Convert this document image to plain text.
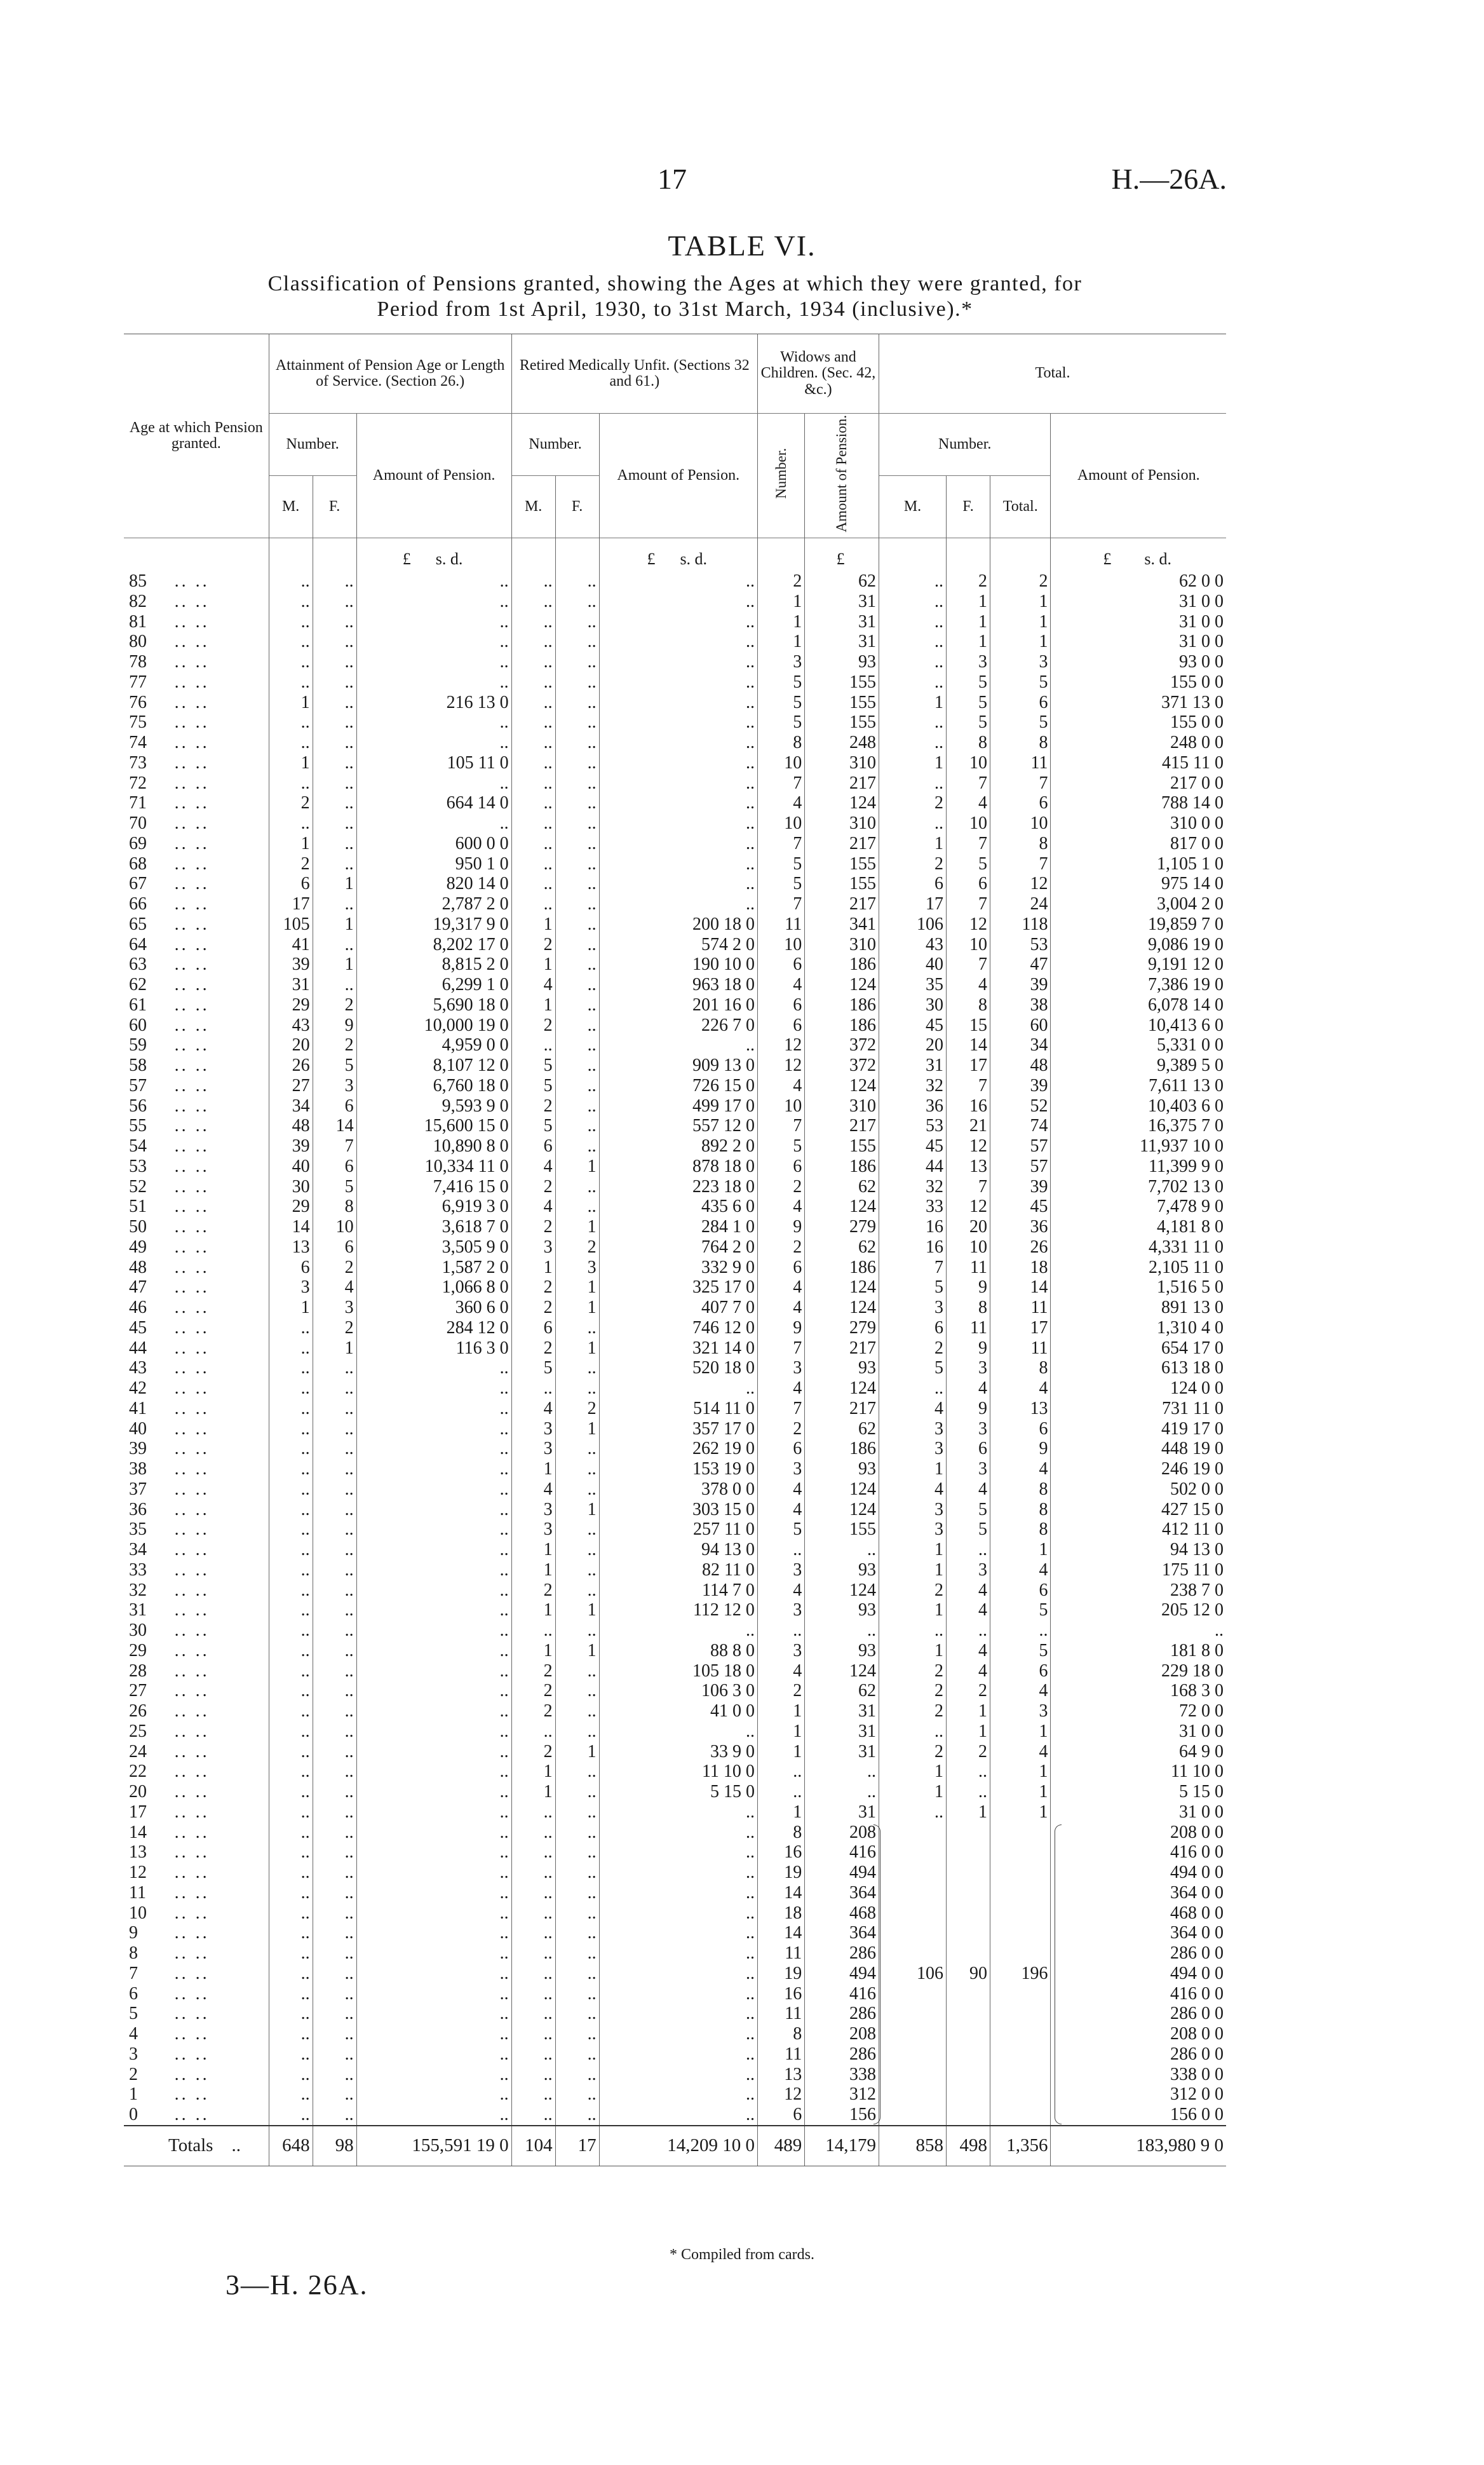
17	H.—26A.
TABLE VI.
Classification of Pensions granted, showing the Ages at which they were granted, for
Period from 1st April, 1930, to 31st March, 1934 (inclusive).*
Age at which Pension granted.		Attainment of Pension Age or Length of Service. (Section 26.)			Retired Medically Unfit. (Sections 32 and 61.)			Widows and Children. (Sec. 42, &c.)		Total.			
		Number.		Amount of Pension.	Number.		Amount of Pension.	Number.	Amount of Pension.	Number.			Amount of Pension.
		M.	F.		M.	F.				M.	F.	Total.	
				£ s. d.			£ s. d.		£				£ s. d.
85	.. ..	..	..	..	..	..	..	2	62	..	2	2	62 0 0
82	.. ..	..	..	..	..	..	..	1	31	..	1	1	31 0 0
81	.. ..	..	..	..	..	..	..	1	31	..	1	1	31 0 0
80	.. ..	..	..	..	..	..	..	1	31	..	1	1	31 0 0
78	.. ..	..	..	..	..	..	..	3	93	..	3	3	93 0 0
77	.. ..	..	..	..	..	..	..	5	155	..	5	5	155 0 0
76	.. ..	1	..	216 13 0	..	..	..	5	155	1	5	6	371 13 0
75	.. ..	..	..	..	..	..	..	5	155	..	5	5	155 0 0
74	.. ..	..	..	..	..	..	..	8	248	..	8	8	248 0 0
73	.. ..	1	..	105 11 0	..	..	..	10	310	1	10	11	415 11 0
72	.. ..	..	..	..	..	..	..	7	217	..	7	7	217 0 0
71	.. ..	2	..	664 14 0	..	..	..	4	124	2	4	6	788 14 0
70	.. ..	..	..	..	..	..	..	10	310	..	10	10	310 0 0
69	.. ..	1	..	600 0 0	..	..	..	7	217	1	7	8	817 0 0
68	.. ..	2	..	950 1 0	..	..	..	5	155	2	5	7	1,105 1 0
67	.. ..	6	1	820 14 0	..	..	..	5	155	6	6	12	975 14 0
66	.. ..	17	..	2,787 2 0	..	..	..	7	217	17	7	24	3,004 2 0
65	.. ..	105	1	19,317 9 0	1	..	200 18 0	11	341	106	12	118	19,859 7 0
64	.. ..	41	..	8,202 17 0	2	..	574 2 0	10	310	43	10	53	9,086 19 0
63	.. ..	39	1	8,815 2 0	1	..	190 10 0	6	186	40	7	47	9,191 12 0
62	.. ..	31	..	6,299 1 0	4	..	963 18 0	4	124	35	4	39	7,386 19 0
61	.. ..	29	2	5,690 18 0	1	..	201 16 0	6	186	30	8	38	6,078 14 0
60	.. ..	43	9	10,000 19 0	2	..	226 7 0	6	186	45	15	60	10,413 6 0
59	.. ..	20	2	4,959 0 0	..	..	..	12	372	20	14	34	5,331 0 0
58	.. ..	26	5	8,107 12 0	5	..	909 13 0	12	372	31	17	48	9,389 5 0
57	.. ..	27	3	6,760 18 0	5	..	726 15 0	4	124	32	7	39	7,611 13 0
56	.. ..	34	6	9,593 9 0	2	..	499 17 0	10	310	36	16	52	10,403 6 0
55	.. ..	48	14	15,600 15 0	5	..	557 12 0	7	217	53	21	74	16,375 7 0
54	.. ..	39	7	10,890 8 0	6	..	892 2 0	5	155	45	12	57	11,937 10 0
53	.. ..	40	6	10,334 11 0	4	1	878 18 0	6	186	44	13	57	11,399 9 0
52	.. ..	30	5	7,416 15 0	2	..	223 18 0	2	62	32	7	39	7,702 13 0
51	.. ..	29	8	6,919 3 0	4	..	435 6 0	4	124	33	12	45	7,478 9 0
50	.. ..	14	10	3,618 7 0	2	1	284 1 0	9	279	16	20	36	4,181 8 0
49	.. ..	13	6	3,505 9 0	3	2	764 2 0	2	62	16	10	26	4,331 11 0
48	.. ..	6	2	1,587 2 0	1	3	332 9 0	6	186	7	11	18	2,105 11 0
47	.. ..	3	4	1,066 8 0	2	1	325 17 0	4	124	5	9	14	1,516 5 0
46	.. ..	1	3	360 6 0	2	1	407 7 0	4	124	3	8	11	891 13 0
45	.. ..	..	2	284 12 0	6	..	746 12 0	9	279	6	11	17	1,310 4 0
44	.. ..	..	1	116 3 0	2	1	321 14 0	7	217	2	9	11	654 17 0
43	.. ..	..	..	..	5	..	520 18 0	3	93	5	3	8	613 18 0
42	.. ..	..	..	..	..	..	..	4	124	..	4	4	124 0 0
41	.. ..	..	..	..	4	2	514 11 0	7	217	4	9	13	731 11 0
40	.. ..	..	..	..	3	1	357 17 0	2	62	3	3	6	419 17 0
39	.. ..	..	..	..	3	..	262 19 0	6	186	3	6	9	448 19 0
38	.. ..	..	..	..	1	..	153 19 0	3	93	1	3	4	246 19 0
37	.. ..	..	..	..	4	..	378 0 0	4	124	4	4	8	502 0 0
36	.. ..	..	..	..	3	1	303 15 0	4	124	3	5	8	427 15 0
35	.. ..	..	..	..	3	..	257 11 0	5	155	3	5	8	412 11 0
34	.. ..	..	..	..	1	..	94 13 0	..	..	1	..	1	94 13 0
33	.. ..	..	..	..	1	..	82 11 0	3	93	1	3	4	175 11 0
32	.. ..	..	..	..	2	..	114 7 0	4	124	2	4	6	238 7 0
31	.. ..	..	..	..	1	1	112 12 0	3	93	1	4	5	205 12 0
30	.. ..	..	..	..	..	..	..	..	..	..	..	..	..
29	.. ..	..	..	..	1	1	88 8 0	3	93	1	4	5	181 8 0
28	.. ..	..	..	..	2	..	105 18 0	4	124	2	4	6	229 18 0
27	.. ..	..	..	..	2	..	106 3 0	2	62	2	2	4	168 3 0
26	.. ..	..	..	..	2	..	41 0 0	1	31	2	1	3	72 0 0
25	.. ..	..	..	..	..	..	..	1	31	..	1	1	31 0 0
24	.. ..	..	..	..	2	1	33 9 0	1	31	2	2	4	64 9 0
22	.. ..	..	..	..	1	..	11 10 0	..	..	1	..	1	11 10 0
20	.. ..	..	..	..	1	..	5 15 0	..	..	1	..	1	5 15 0
17	.. ..	..	..	..	..	..	..	1	31	..	1	1	31 0 0
14	.. ..	..	..	..	..	..	..	8	208				208 0 0
13	.. ..	..	..	..	..	..	..	16	416				416 0 0
12	.. ..	..	..	..	..	..	..	19	494				494 0 0
11	.. ..	..	..	..	..	..	..	14	364				364 0 0
10	.. ..	..	..	..	..	..	..	18	468				468 0 0
9	.. ..	..	..	..	..	..	..	14	364				364 0 0
8	.. ..	..	..	..	..	..	..	11	286				286 0 0
7	.. ..	..	..	..	..	..	..	19	494	106	90	196	494 0 0
6	.. ..	..	..	..	..	..	..	16	416				416 0 0
5	.. ..	..	..	..	..	..	..	11	286				286 0 0
4	.. ..	..	..	..	..	..	..	8	208				208 0 0
3	.. ..	..	..	..	..	..	..	11	286				286 0 0
2	.. ..	..	..	..	..	..	..	13	338				338 0 0
1	.. ..	..	..	..	..	..	..	12	312				312 0 0
0	.. ..	..	..	..	..	..	..	6	156				156 0 0
Totals    ..		648	98	155,591 19 0	104	17	14,209 10 0	489	14,179	858	498	1,356	183,980 9 0
* Compiled from cards.
3—H. 26A.
